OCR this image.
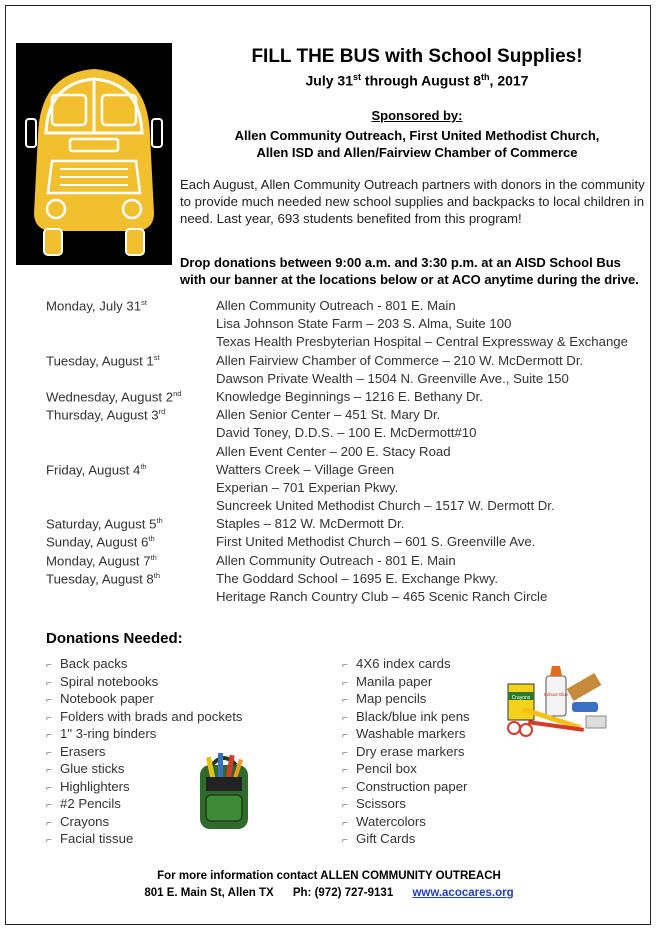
FILL THE BUS with School Supplies!
July 31st through August 8th, 2017
Sponsored by:
Allen Community Outreach, First United Methodist Church,
Allen ISD and Allen/Fairview Chamber of Commerce
Each August, Allen Community Outreach partners with donors in the community to provide much needed new school supplies and backpacks to local children in need. Last year, 693 students benefited from this program!
Drop donations between 9:00 a.m. and 3:30 p.m. at an AISD School Bus with our banner at the locations below or at ACO anytime during the drive.
Monday, July 31st	Allen Community Outreach - 801 E. Main
Lisa Johnson State Farm – 203 S. Alma, Suite 100
Texas Health Presbyterian Hospital – Central Expressway & Exchange
Tuesday, August 1st	Allen Fairview Chamber of Commerce – 210 W. McDermott Dr.
Dawson Private Wealth – 1504 N. Greenville Ave., Suite 150
Wednesday, August 2nd	Knowledge Beginnings – 1216 E. Bethany Dr.
Thursday, August 3rd	Allen Senior Center – 451 St. Mary Dr.
David Toney, D.D.S. – 100 E. McDermott#10
Allen Event Center – 200 E. Stacy Road
Friday, August 4th	Watters Creek – Village Green
Experian – 701 Experian Pkwy.
Suncreek United Methodist Church – 1517 W. Dermott Dr.
Saturday, August 5th	Staples – 812 W. McDermott Dr.
Sunday, August 6th	First United Methodist Church – 601 S. Greenville Ave.
Monday, August 7th	Allen Community Outreach - 801 E. Main
Tuesday, August 8th	The Goddard School – 1695 E. Exchange Pkwy.
Heritage Ranch Country Club – 465 Scenic Ranch Circle
Donations Needed:
⌐ Back packs
⌐ Spiral notebooks
⌐ Notebook paper
⌐ Folders with brads and pockets
⌐ 1" 3-ring binders
⌐ Erasers
⌐ Glue sticks
⌐ Highlighters
⌐ #2 Pencils
⌐ Crayons
⌐ Facial tissue
⌐ 4X6 index cards
⌐ Manila paper
⌐ Map pencils
⌐ Black/blue ink pens
⌐ Washable markers
⌐ Dry erase markers
⌐ Pencil box
⌐ Construction paper
⌐ Scissors
⌐ Watercolors
⌐ Gift Cards
Crayons
School Glue
For more information contact ALLEN COMMUNITY OUTREACH
801 E. Main St, Allen TX Ph: (972) 727-9131 www.acocares.org
